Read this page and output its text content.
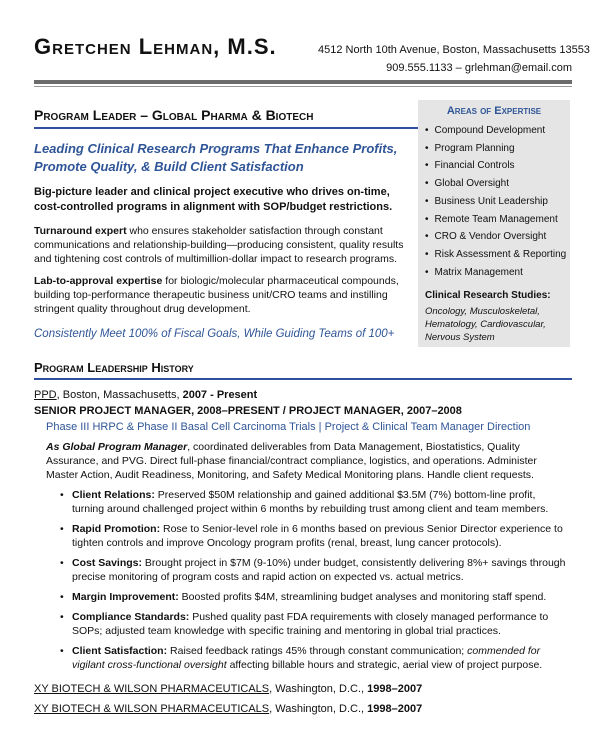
Gretchen Lehman, M.S.	4512 North 10th Avenue, Boston, Massachusetts 13553
909.555.1133 – grlehman@email.com
Program Leader – Global Pharma & Biotech
Leading Clinical Research Programs That Enhance Profits, Promote Quality, & Build Client Satisfaction
Big-picture leader and clinical project executive who drives on-time, cost-controlled programs in alignment with SOP/budget restrictions.
Turnaround expert who ensures stakeholder satisfaction through constant communications and relationship-building—producing consistent, quality results and tightening cost controls of multimillion-dollar impact to research programs.
Lab-to-approval expertise for biologic/molecular pharmaceutical compounds, building top-performance therapeutic business unit/CRO teams and instilling stringent quality throughout drug development.
Consistently Meet 100% of Fiscal Goals, While Guiding Teams of 100+
Areas of Expertise
• Compound Development
• Program Planning
• Financial Controls
• Global Oversight
• Business Unit Leadership
• Remote Team Management
• CRO & Vendor Oversight
• Risk Assessment & Reporting
• Matrix Management
Clinical Research Studies:
Oncology, Musculoskeletal, Hematology, Cardiovascular, Nervous System
Program Leadership History
PPD, Boston, Massachusetts, 2007 - Present
SENIOR PROJECT MANAGER, 2008–PRESENT / PROJECT MANAGER, 2007–2008
Phase III HRPC & Phase II Basal Cell Carcinoma Trials | Project & Clinical Team Manager Direction
As Global Program Manager, coordinated deliverables from Data Management, Biostatistics, Quality Assurance, and PVG. Direct full-phase financial/contract compliance, logistics, and operations. Administer Master Action, Audit Readiness, Monitoring, and Safety Medical Monitoring plans. Handle client requests.
• Client Relations: Preserved $50M relationship and gained additional $3.5M (7%) bottom-line profit, turning around challenged project within 6 months by rebuilding trust among client and team members.
• Rapid Promotion: Rose to Senior-level role in 6 months based on previous Senior Director experience to tighten controls and improve Oncology program profits (renal, breast, lung cancer protocols).
• Cost Savings: Brought project in $7M (9-10%) under budget, consistently delivering 8%+ savings through precise monitoring of program costs and rapid action on expected vs. actual metrics.
• Margin Improvement: Boosted profits $4M, streamlining budget analyses and monitoring staff spend.
• Compliance Standards: Pushed quality past FDA requirements with closely managed performance to SOPs; adjusted team knowledge with specific training and mentoring in global trial practices.
• Client Satisfaction: Raised feedback ratings 45% through constant communication; commended for vigilant cross-functional oversight affecting billable hours and strategic, aerial view of project purpose.
XY BIOTECH & WILSON PHARMACEUTICALS, Washington, D.C., 1998–2007
XY BIOTECH & WILSON PHARMACEUTICALS, Washington, D.C., 1998–2007
